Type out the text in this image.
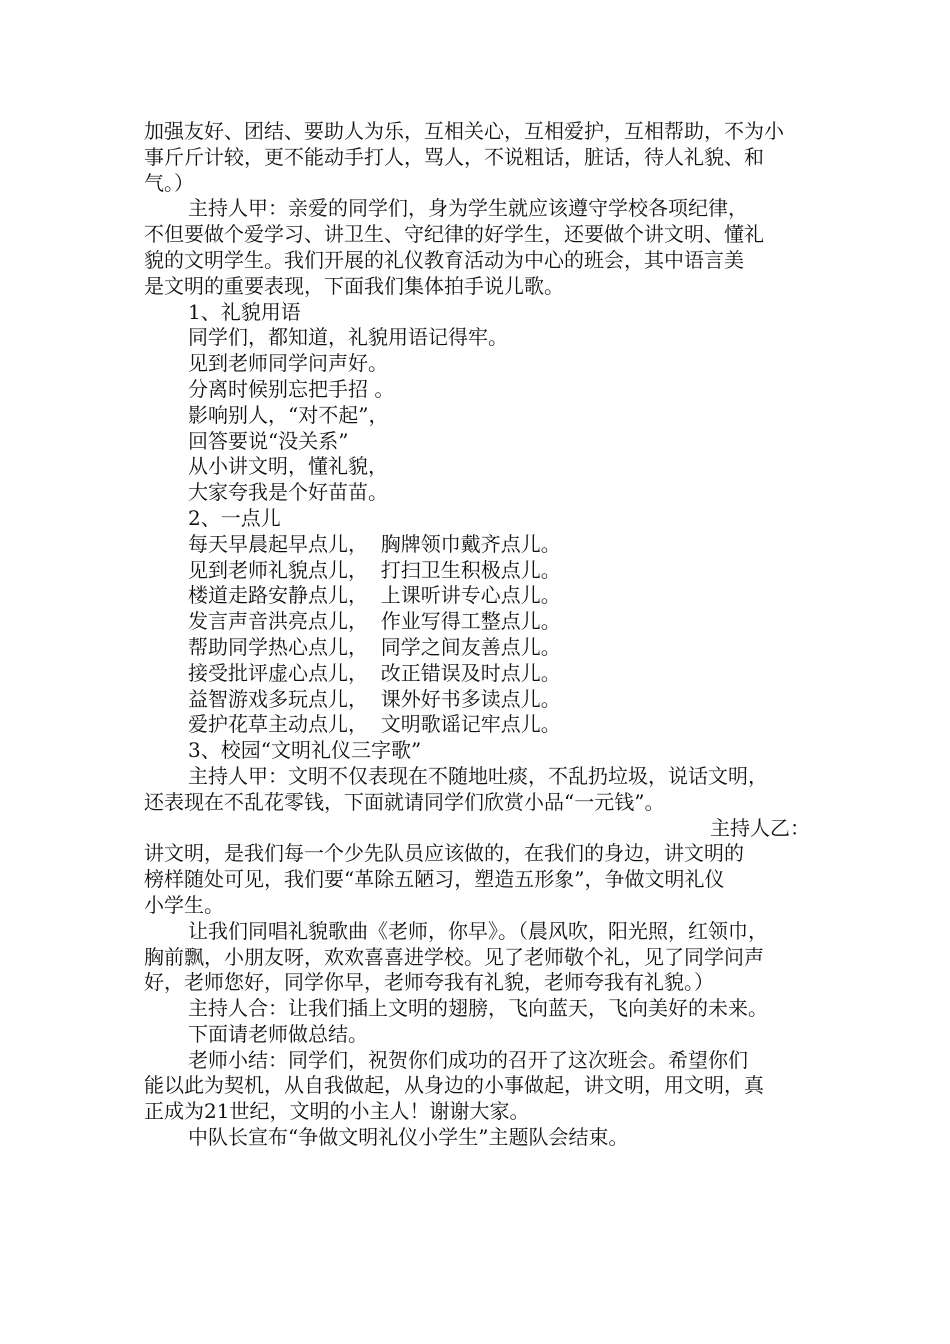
加强友好、团结、要助人为乐，互相关心，互相爱护，互相帮助，不为小

事斤斤计较，更不能动手打人，骂人，不说粗话，脏话，待人礼貌、和

气。）

主持人甲：亲爱的同学们，身为学生就应该遵守学校各项纪律，

不但要做个爱学习、讲卫生、守纪律的好学生，还要做个讲文明、懂礼

貌的文明学生。我们开展的礼仪教育活动为中心的班会，其中语言美

是文明的重要表现，下面我们集体拍手说儿歌。

1、礼貌用语

同学们，都知道，礼貌用语记得牢。

见到老师同学问声好。

分离时候别忘把手招 。

影响别人，“对不起”，

回答要说“没关系”

从小讲文明，懂礼貌，

大家夸我是个好苗苗。

2、一点儿

每天早晨起早点儿，  胸牌领巾戴齐点儿。

见到老师礼貌点儿，  打扫卫生积极点儿。

楼道走路安静点儿，  上课听讲专心点儿。

发言声音洪亮点儿，  作业写得工整点儿。

帮助同学热心点儿，  同学之间友善点儿。

接受批评虚心点儿，  改正错误及时点儿。

益智游戏多玩点儿，  课外好书多读点儿。

爱护花草主动点儿，  文明歌谣记牢点儿。

3、校园“文明礼仪三字歌”

主持人甲：文明不仅表现在不随地吐痰，不乱扔垃圾，说话文明，

还表现在不乱花零钱，下面就请同学们欣赏小品“一元钱”。

主持人乙：

讲文明，是我们每一个少先队员应该做的，在我们的身边，讲文明的

榜样随处可见，我们要“革除五陋习，塑造五形象”，争做文明礼仪

小学生。

让我们同唱礼貌歌曲《老师，你早》。（晨风吹，阳光照，红领巾，

胸前飘，小朋友呀，欢欢喜喜进学校。见了老师敬个礼，见了同学问声

好，老师您好，同学你早，老师夸我有礼貌，老师夸我有礼貌。）

主持人合：让我们插上文明的翅膀，飞向蓝天，飞向美好的未来。

下面请老师做总结。

老师小结：同学们，祝贺你们成功的召开了这次班会。希望你们

能以此为契机，从自我做起，从身边的小事做起，讲文明，用文明，真

正成为21世纪，文明的小主人！谢谢大家。

中队长宣布“争做文明礼仪小学生”主题队会结束。
